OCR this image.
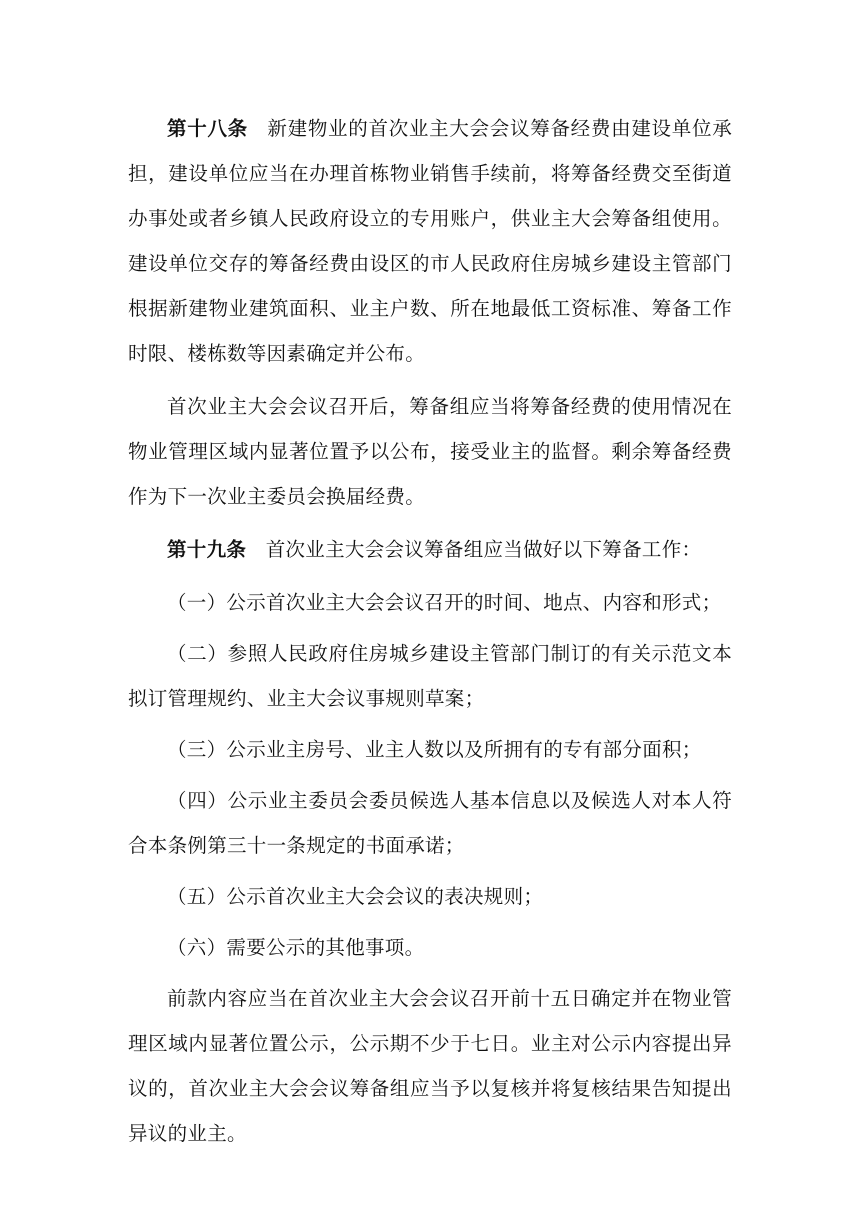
第十八条 新建物业的首次业主大会会议筹备经费由建设单位承担，建设单位应当在办理首栋物业销售手续前，将筹备经费交至街道办事处或者乡镇人民政府设立的专用账户，供业主大会筹备组使用。建设单位交存的筹备经费由设区的市人民政府住房城乡建设主管部门根据新建物业建筑面积、业主户数、所在地最低工资标准、筹备工作时限、楼栋数等因素确定并公布。

首次业主大会会议召开后，筹备组应当将筹备经费的使用情况在物业管理区域内显著位置予以公布，接受业主的监督。剩余筹备经费作为下一次业主委员会换届经费。

第十九条 首次业主大会会议筹备组应当做好以下筹备工作：

（一）公示首次业主大会会议召开的时间、地点、内容和形式；

（二）参照人民政府住房城乡建设主管部门制订的有关示范文本拟订管理规约、业主大会议事规则草案；

（三）公示业主房号、业主人数以及所拥有的专有部分面积；

（四）公示业主委员会委员候选人基本信息以及候选人对本人符合本条例第三十一条规定的书面承诺；

（五）公示首次业主大会会议的表决规则；

（六）需要公示的其他事项。

前款内容应当在首次业主大会会议召开前十五日确定并在物业管理区域内显著位置公示，公示期不少于七日。业主对公示内容提出异议的，首次业主大会会议筹备组应当予以复核并将复核结果告知提出异议的业主。
